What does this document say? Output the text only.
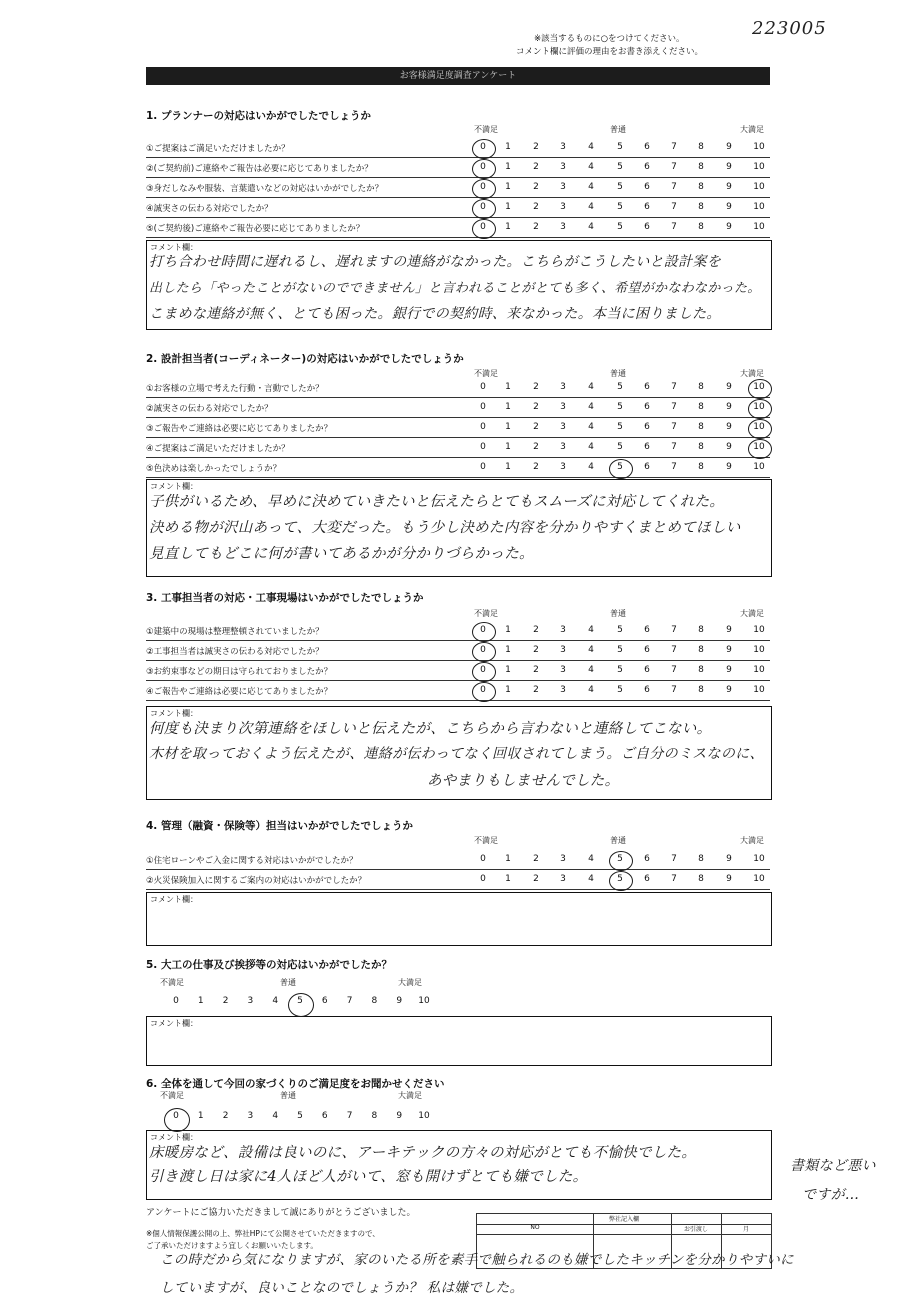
223005
※該当するものに○をつけてください。
コメント欄に評価の理由をお書き添えください。
お客様満足度調査アンケート
1. プランナーの対応はいかがでしたでしょうか
不満足	普通	大満足
①ご提案はご満足いただけましたか？	0	1	2	3	4	5	6	7	8	9	10
②(ご契約前)ご連絡やご報告は必要に応じてありましたか？	0	1	2	3	4	5	6	7	8	9	10
③身だしなみや服装、言葉遣いなどの対応はいかがでしたか？	0	1	2	3	4	5	6	7	8	9	10
④誠実さの伝わる対応でしたか？	0	1	2	3	4	5	6	7	8	9	10
⑤(ご契約後)ご連絡やご報告必要に応じてありましたか？	0	1	2	3	4	5	6	7	8	9	10
コメント欄：
打ち合わせ時間に遅れるし、遅れますの連絡がなかった。こちらがこうしたいと設計案を
出したら「やったことがないのでできません」と言われることがとても多く、希望がかなわなかった。
こまめな連絡が無く、とても困った。銀行での契約時、来なかった。本当に困りました。
2. 設計担当者(コーディネーター)の対応はいかがでしたでしょうか
不満足	普通	大満足
①お客様の立場で考えた行動・言動でしたか？	0	1	2	3	4	5	6	7	8	9	10
②誠実さの伝わる対応でしたか？	0	1	2	3	4	5	6	7	8	9	10
③ご報告やご連絡は必要に応じてありましたか？	0	1	2	3	4	5	6	7	8	9	10
④ご提案はご満足いただけましたか？	0	1	2	3	4	5	6	7	8	9	10
⑤色決めは楽しかったでしょうか？	0	1	2	3	4	5	6	7	8	9	10
コメント欄：
子供がいるため、早めに決めていきたいと伝えたらとてもスムーズに対応してくれた。
決める物が沢山あって、大変だった。もう少し決めた内容を分かりやすくまとめてほしい
見直してもどこに何が書いてあるかが分かりづらかった。
3. 工事担当者の対応・工事現場はいかがでしたでしょうか
不満足	普通	大満足
①建築中の現場は整理整頓されていましたか？	0	1	2	3	4	5	6	7	8	9	10
②工事担当者は誠実さの伝わる対応でしたか？	0	1	2	3	4	5	6	7	8	9	10
③お約束事などの期日は守られておりましたか？	0	1	2	3	4	5	6	7	8	9	10
④ご報告やご連絡は必要に応じてありましたか？	0	1	2	3	4	5	6	7	8	9	10
コメント欄：
何度も決まり次第連絡をほしいと伝えたが、こちらから言わないと連絡してこない。
木材を取っておくよう伝えたが、連絡が伝わってなく回収されてしまう。ご自分のミスなのに、
あやまりもしませんでした。
4. 管理（融資・保険等）担当はいかがでしたでしょうか
不満足	普通	大満足
①住宅ローンやご入金に関する対応はいかがでしたか？	0	1	2	3	4	5	6	7	8	9	10
②火災保険加入に関するご案内の対応はいかがでしたか？	0	1	2	3	4	5	6	7	8	9	10
コメント欄：
5. 大工の仕事及び挨拶等の対応はいかがでしたか？
不満足	普通	大満足
0	1	2	3	4	5	6	7	8	9	10
コメント欄：
6. 全体を通して今回の家づくりのご満足度をお聞かせください
不満足	普通	大満足
0	1	2	3	4	5	6	7	8	9	10
コメント欄：
床暖房など、設備は良いのに、アーキテックの方々の対応がとても不愉快でした。
引き渡し日は家に4人ほど人がいて、窓も開けずとても嫌でした。
書類など悪い
ですが…
アンケートにご協力いただきまして誠にありがとうございました。
※個人情報保護公開の上、弊社HPにて公開させていただきますので、
ご了承いただけますよう宜しくお願いいたします。
弊社記入欄
NO	お引渡し	月
この時だから気になりますが、家のいたる所を素手で触られるのも嫌でしたキッチンを分かりやすいに
していますが、良いことなのでしょうか？ 私は嫌でした。
